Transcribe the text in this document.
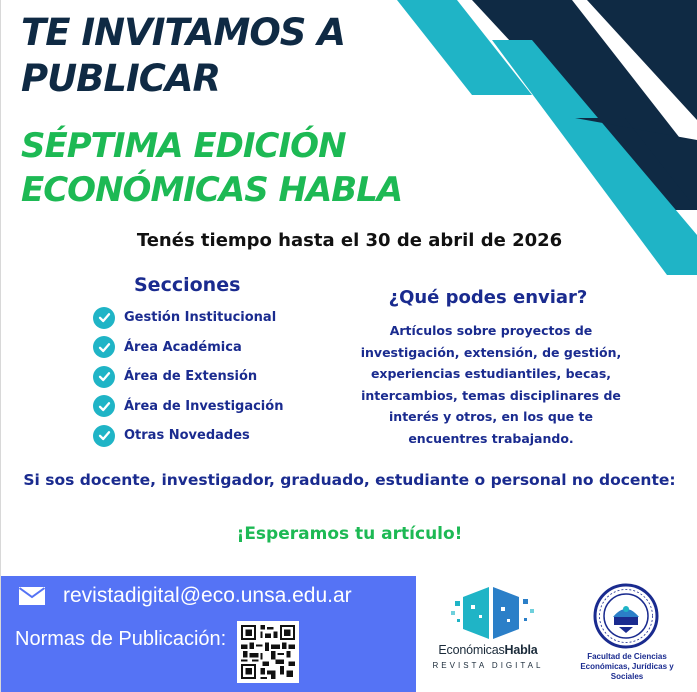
TE INVITAMOS A
PUBLICAR
SÉPTIMA EDICIÓN
ECONÓMICAS HABLA
Tenés tiempo hasta el 30 de abril de 2026
Secciones
Gestión Institucional
Área Académica
Área de Extensión
Área de Investigación
Otras Novedades
¿Qué podes enviar?
Artículos sobre proyectos de
investigación, extensión, de gestión,
experiencias estudiantiles, becas,
intercambios, temas disciplinares de
interés y otros, en los que te
encuentres trabajando.
Si sos docente, investigador, graduado, estudiante o personal no docente:
¡Esperamos tu artículo!
revistadigital@eco.unsa.edu.ar
Normas de Publicación:	EconómicasHabla
REVISTA DIGITAL
Facultad de Ciencias
Económicas, Jurídicas y Sociales
